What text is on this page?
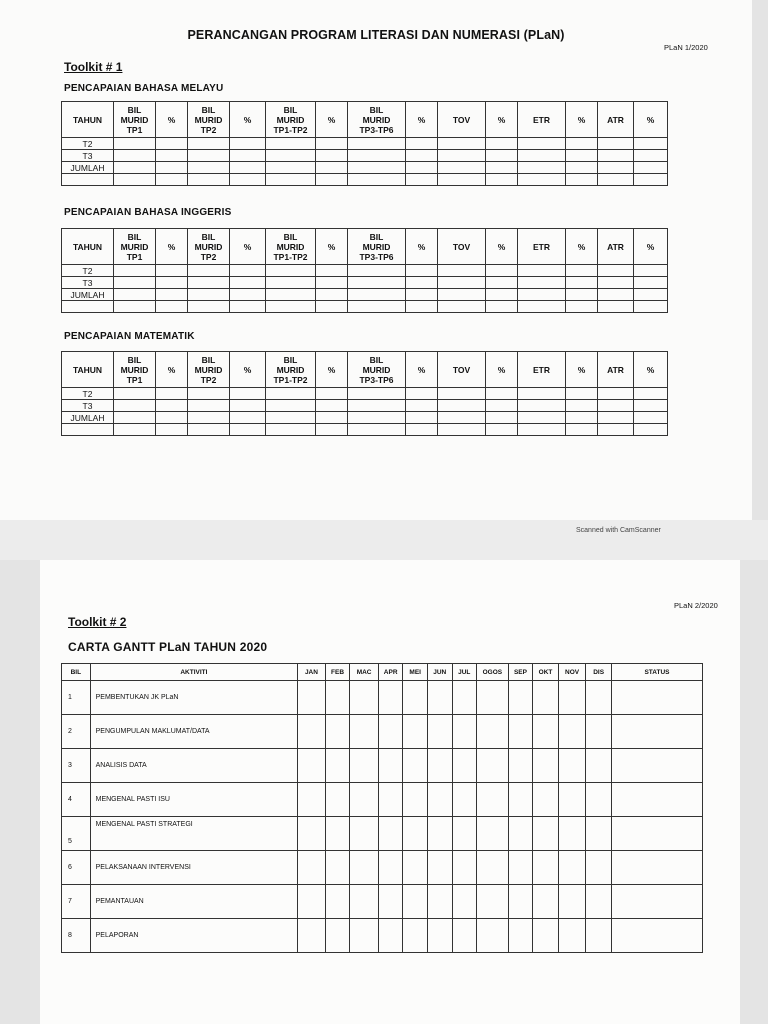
PERANCANGAN PROGRAM LITERASI DAN NUMERASI (PLaN)
PLaN 1/2020
Toolkit # 1
PENCAPAIAN BAHASA MELAYU
TAHUN	BIL
MURID
TP1	%	BIL
MURID
TP2	%	BIL
MURID
TP1-TP2	%	BIL
MURID
TP3-TP6	%	TOV	%	ETR	%	ATR	%
T2														
T3														
JUMLAH														

PENCAPAIAN BAHASA INGGERIS
TAHUN	BIL
MURID
TP1	%	BIL
MURID
TP2	%	BIL
MURID
TP1-TP2	%	BIL
MURID
TP3-TP6	%	TOV	%	ETR	%	ATR	%
T2														
T3														
JUMLAH														

PENCAPAIAN MATEMATIK
TAHUN	BIL
MURID
TP1	%	BIL
MURID
TP2	%	BIL
MURID
TP1-TP2	%	BIL
MURID
TP3-TP6	%	TOV	%	ETR	%	ATR	%
T2														
T3														
JUMLAH														

Scanned with CamScanner
PLaN 2/2020
Toolkit # 2
CARTA GANTT PLaN TAHUN 2020
BIL	AKTIVITI	JAN	FEB	MAC	APR	MEI	JUN	JUL	OGOS	SEP	OKT	NOV	DIS	STATUS
1	PEMBENTUKAN JK PLaN													
2	PENGUMPULAN MAKLUMAT/DATA													
3	ANALISIS DATA													
4	MENGENAL PASTI ISU													
5	MENGENAL PASTI STRATEGI													
6	PELAKSANAAN INTERVENSI													
7	PEMANTAUAN													
8	PELAPORAN													
